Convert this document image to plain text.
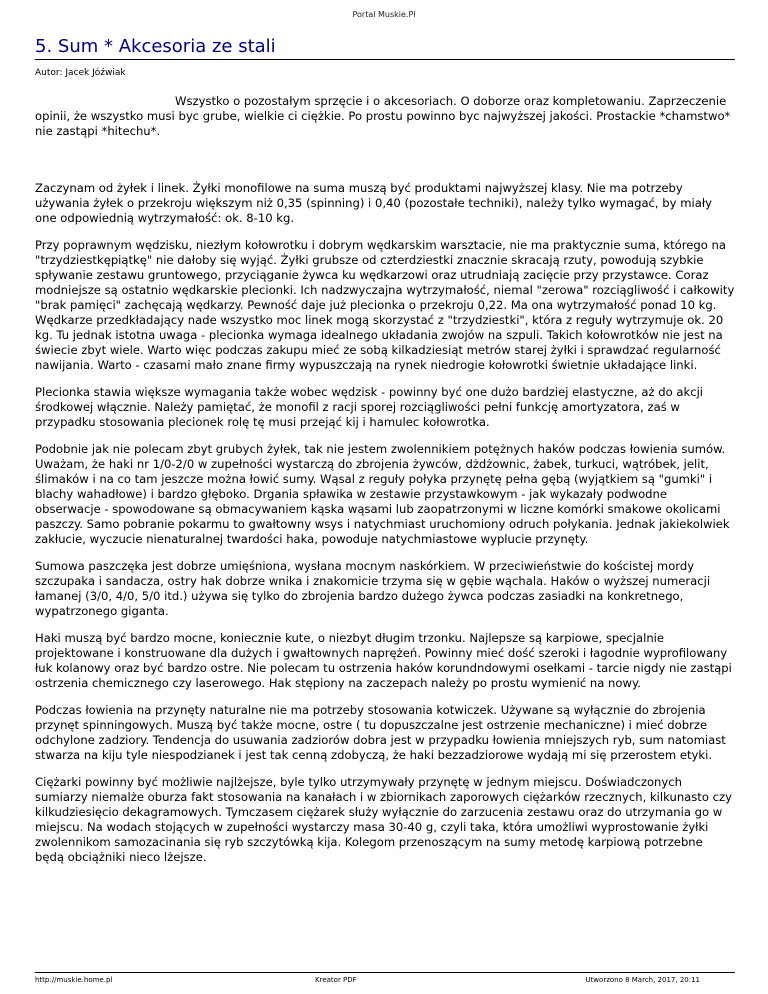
Portal Muskie.Pl
5. Sum * Akcesoria ze stali
Autor: Jacek Jóźwiak

Wszystko o pozostałym sprzęcie i o akcesoriach. O doborze oraz kompletowaniu. Zaprzeczenie opinii, że wszystko musi byc grube, wielkie ci ciężkie. Po prostu powinno byc najwyższej jakości. Prostackie *chamstwo* nie zastąpi *hitechu*.

Zaczynam od żyłek i linek. Żyłki monofilowe na suma muszą być produktami najwyższej klasy. Nie ma potrzeby używania żyłek o przekroju większym niż 0,35 (spinning) i 0,40 (pozostałe techniki), należy tylko wymagać, by miały one odpowiednią wytrzymałość: ok. 8-10 kg.

Przy poprawnym wędzisku, niezłym kołowrotku i dobrym wędkarskim warsztacie, nie ma praktycznie suma, którego na "trzydziestkępiątkę" nie dałoby się wyjąć. Żyłki grubsze od czterdziestki znacznie skracają rzuty, powodują szybkie spływanie zestawu gruntowego, przyciąganie żywca ku wędkarzowi oraz utrudniają zacięcie przy przystawce. Coraz modniejsze są ostatnio wędkarskie plecionki. Ich nadzwyczajna wytrzymałość, niemal "zerowa" rozciągliwość i całkowity "brak pamięci" zachęcają wędkarzy. Pewność daje już plecionka o przekroju 0,22. Ma ona wytrzymałość ponad 10 kg. Wędkarze przedkładający nade wszystko moc linek mogą skorzystać z "trzydziestki", która z reguły wytrzymuje ok. 20 kg. Tu jednak istotna uwaga - plecionka wymaga idealnego układania zwojów na szpuli. Takich kołowrotków nie jest na świecie zbyt wiele. Warto więc podczas zakupu mieć ze sobą kilkadziesiąt metrów starej żyłki i sprawdzać regularność nawijania. Warto - czasami mało znane firmy wypuszczają na rynek niedrogie kołowrotki świetnie układające linki.

Plecionka stawia większe wymagania także wobec wędzisk - powinny być one dużo bardziej elastyczne, aż do akcji środkowej włącznie. Należy pamiętać, że monofil z racji sporej rozciągliwości pełni funkcję amortyzatora, zaś w przypadku stosowania plecionek rolę tę musi przejąć kij i hamulec kołowrotka.

Podobnie jak nie polecam zbyt grubych żyłek, tak nie jestem zwolennikiem potężnych haków podczas łowienia sumów. Uważam, że haki nr 1/0-2/0 w zupełności wystarczą do zbrojenia żywców, dżdżownic, żabek, turkuci, wątróbek, jelit, ślimaków i na co tam jeszcze można łowić sumy. Wąsal z reguły połyka przynętę pełna gębą (wyjątkiem są "gumki" i blachy wahadłowe) i bardzo głęboko. Drgania spławika w zestawie przystawkowym - jak wykazały podwodne obserwacje - spowodowane są obmacywaniem kąska wąsami lub zaopatrzonymi w liczne komórki smakowe okolicami paszczy. Samo pobranie pokarmu to gwałtowny wsys i natychmiast uruchomiony odruch połykania. Jednak jakiekolwiek zakłucie, wyczucie nienaturalnej twardości haka, powoduje natychmiastowe wyplucie przynęty.

Sumowa paszczęka jest dobrze umięśniona, wysłana mocnym naskórkiem. W przeciwieństwie do kościstej mordy szczupaka i sandacza, ostry hak dobrze wnika i znakomicie trzyma się w gębie wąchala. Haków o wyższej numeracji łamanej (3/0, 4/0, 5/0 itd.) używa się tylko do zbrojenia bardzo dużego żywca podczas zasiadki na konkretnego, wypatrzonego giganta.

Haki muszą być bardzo mocne, koniecznie kute, o niezbyt długim trzonku. Najlepsze są karpiowe, specjalnie projektowane i konstruowane dla dużych i gwałtownych naprężeń. Powinny mieć dość szeroki i łagodnie wyprofilowany łuk kolanowy oraz być bardzo ostre. Nie polecam tu ostrzenia haków korundndowymi osełkami - tarcie nigdy nie zastąpi ostrzenia chemicznego czy laserowego. Hak stępiony na zaczepach należy po prostu wymienić na nowy.

Podczas łowienia na przynęty naturalne nie ma potrzeby stosowania kotwiczek. Używane są wyłącznie do zbrojenia przynęt spinningowych. Muszą być także mocne, ostre ( tu dopuszczalne jest ostrzenie mechaniczne) i mieć dobrze odchylone zadziory. Tendencja do usuwania zadziorów dobra jest w przypadku łowienia mniejszych ryb, sum natomiast stwarza na kiju tyle niespodzianek i jest tak cenną zdobyczą, że haki bezzadziorowe wydają mi się przerostem etyki.

Ciężarki powinny być możliwie najlżejsze, byle tylko utrzymywały przynętę w jednym miejscu. Doświadczonych sumiarzy niemalże oburza fakt stosowania na kanałach i w zbiornikach zaporowych ciężarków rzecznych, kilkunasto czy kilkudziesięcio dekagramowych. Tymczasem ciężarek służy wyłącznie do zarzucenia zestawu oraz do utrzymania go w miejscu. Na wodach stojących w zupełności wystarczy masa 30-40 g, czyli taka, która umożliwi wyprostowanie żyłki zwolennikom samozacinania się ryb szczytówką kija. Kolegom przenoszącym na sumy metodę karpiową potrzebne będą obciążniki nieco lżejsze.

http://muskie.home.pl	Kreator PDF	Utworzono 8 March, 2017, 20:11
